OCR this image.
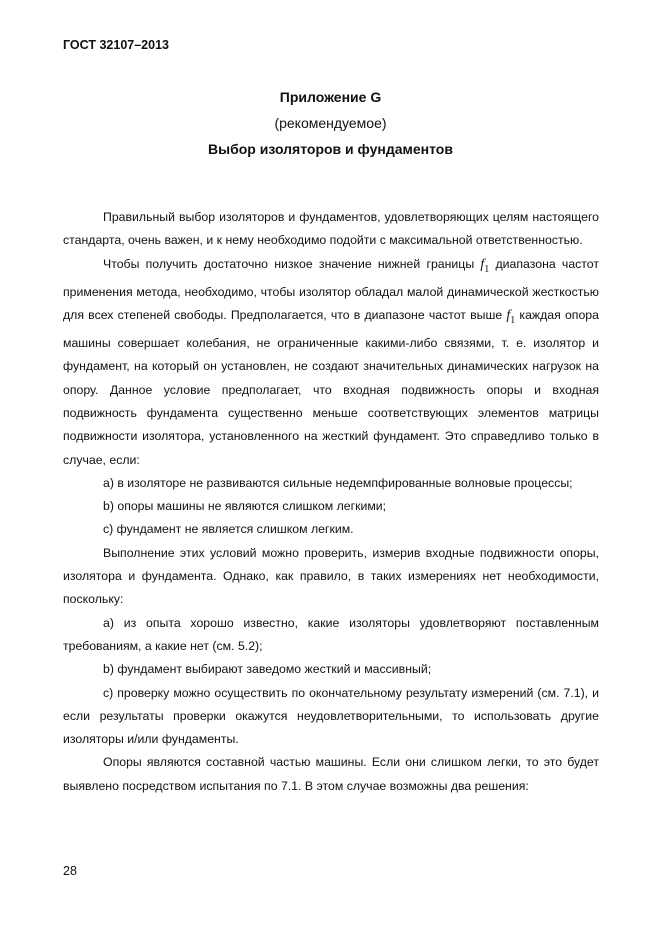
ГОСТ 32107–2013
Приложение G
(рекомендуемое)
Выбор изоляторов и фундаментов

Правильный выбор изоляторов и фундаментов, удовлетворяющих целям настоящего стандарта, очень важен, и к нему необходимо подойти с максимальной ответственностью.

Чтобы получить достаточно низкое значение нижней границы $f_1$ диапазона частот применения метода, необходимо, чтобы изолятор обладал малой динамической жесткостью для всех степеней свободы. Предполагается, что в диапазоне частот выше $f_1$ каждая опора машины совершает колебания, не ограниченные какими-либо связями, т. е. изолятор и фундамент, на который он установлен, не создают значительных динамических нагрузок на опору. Данное условие предполагает, что входная подвижность опоры и входная подвижность фундамента существенно меньше соответствующих элементов матрицы подвижности изолятора, установленного на жесткий фундамент. Это справедливо только в случае, если:

a) в изоляторе не развиваются сильные недемпфированные волновые процессы;

b) опоры машины не являются слишком легкими;

c) фундамент не является слишком легким.

Выполнение этих условий можно проверить, измерив входные подвижности опоры, изолятора и фундамента. Однако, как правило, в таких измерениях нет необходимости, поскольку:

a) из опыта хорошо известно, какие изоляторы удовлетворяют поставленным требованиям, а какие нет (см. 5.2);

b) фундамент выбирают заведомо жесткий и массивный;

c) проверку можно осуществить по окончательному результату измерений (см. 7.1), и если результаты проверки окажутся неудовлетворительными, то использовать другие изоляторы и/или фундаменты.

Опоры являются составной частью машины. Если они слишком легки, то это будет выявлено посредством испытания по 7.1. В этом случае возможны два решения:

28
